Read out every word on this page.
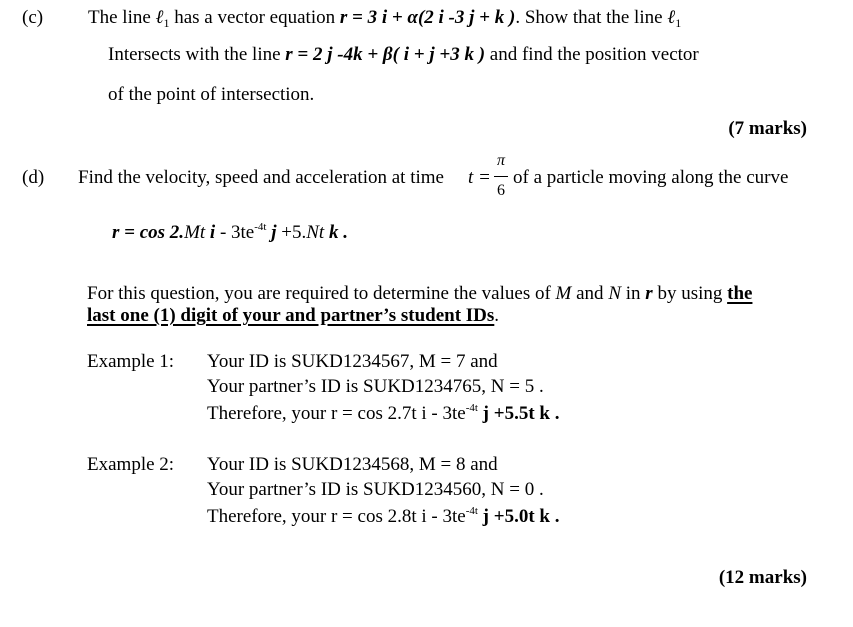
(c) The line ℓ$_1$ has a vector equation r = 3 i + α(2 i -3 j + k ). Show that the line ℓ$_1$
Intersects with the line r = 2 j -4k + β( i + j +3 k ) and find the position vector
of the point of intersection.
(7 marks)
(d) Find the velocity, speed and acceleration at time t =
π
6
of a particle moving along the curve
r = cos 2.Mt i - $3te^{-4t}$ j +5.Nt k .
For this question, you are required to determine the values of M and N in r by using the
last one (1) digit of your and partner’s student IDs.
Example 1: Your ID is SUKD1234567, M = 7 and
Your partner’s ID is SUKD1234765, N = 5 .
Therefore, your r = cos 2.7t i - $3te^{-4t}$ j +5.5t k .
Example 2: Your ID is SUKD1234568, M = 8 and
Your partner’s ID is SUKD1234560, N = 0 .
Therefore, your r = cos 2.8t i - $3te^{-4t}$ j +5.0t k .
(12 marks)
